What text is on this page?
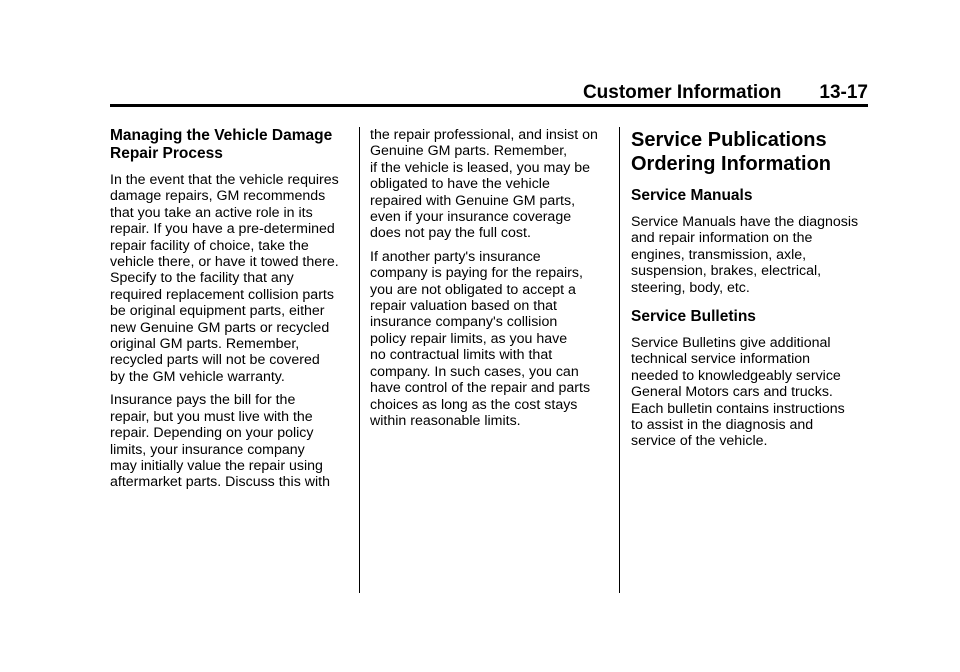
Customer Information 13-17
Managing the Vehicle Damage
Repair Process

In the event that the vehicle requires
damage repairs, GM recommends
that you take an active role in its
repair. If you have a pre-determined
repair facility of choice, take the
vehicle there, or have it towed there.
Specify to the facility that any
required replacement collision parts
be original equipment parts, either
new Genuine GM parts or recycled
original GM parts. Remember,
recycled parts will not be covered
by the GM vehicle warranty.

Insurance pays the bill for the
repair, but you must live with the
repair. Depending on your policy
limits, your insurance company
may initially value the repair using
aftermarket parts. Discuss this with

the repair professional, and insist on
Genuine GM parts. Remember,
if the vehicle is leased, you may be
obligated to have the vehicle
repaired with Genuine GM parts,
even if your insurance coverage
does not pay the full cost.

If another party's insurance
company is paying for the repairs,
you are not obligated to accept a
repair valuation based on that
insurance company's collision
policy repair limits, as you have
no contractual limits with that
company. In such cases, you can
have control of the repair and parts
choices as long as the cost stays
within reasonable limits.

Service Publications
Ordering Information
Service Manuals

Service Manuals have the diagnosis
and repair information on the
engines, transmission, axle,
suspension, brakes, electrical,
steering, body, etc.

Service Bulletins

Service Bulletins give additional
technical service information
needed to knowledgeably service
General Motors cars and trucks.
Each bulletin contains instructions
to assist in the diagnosis and
service of the vehicle.
